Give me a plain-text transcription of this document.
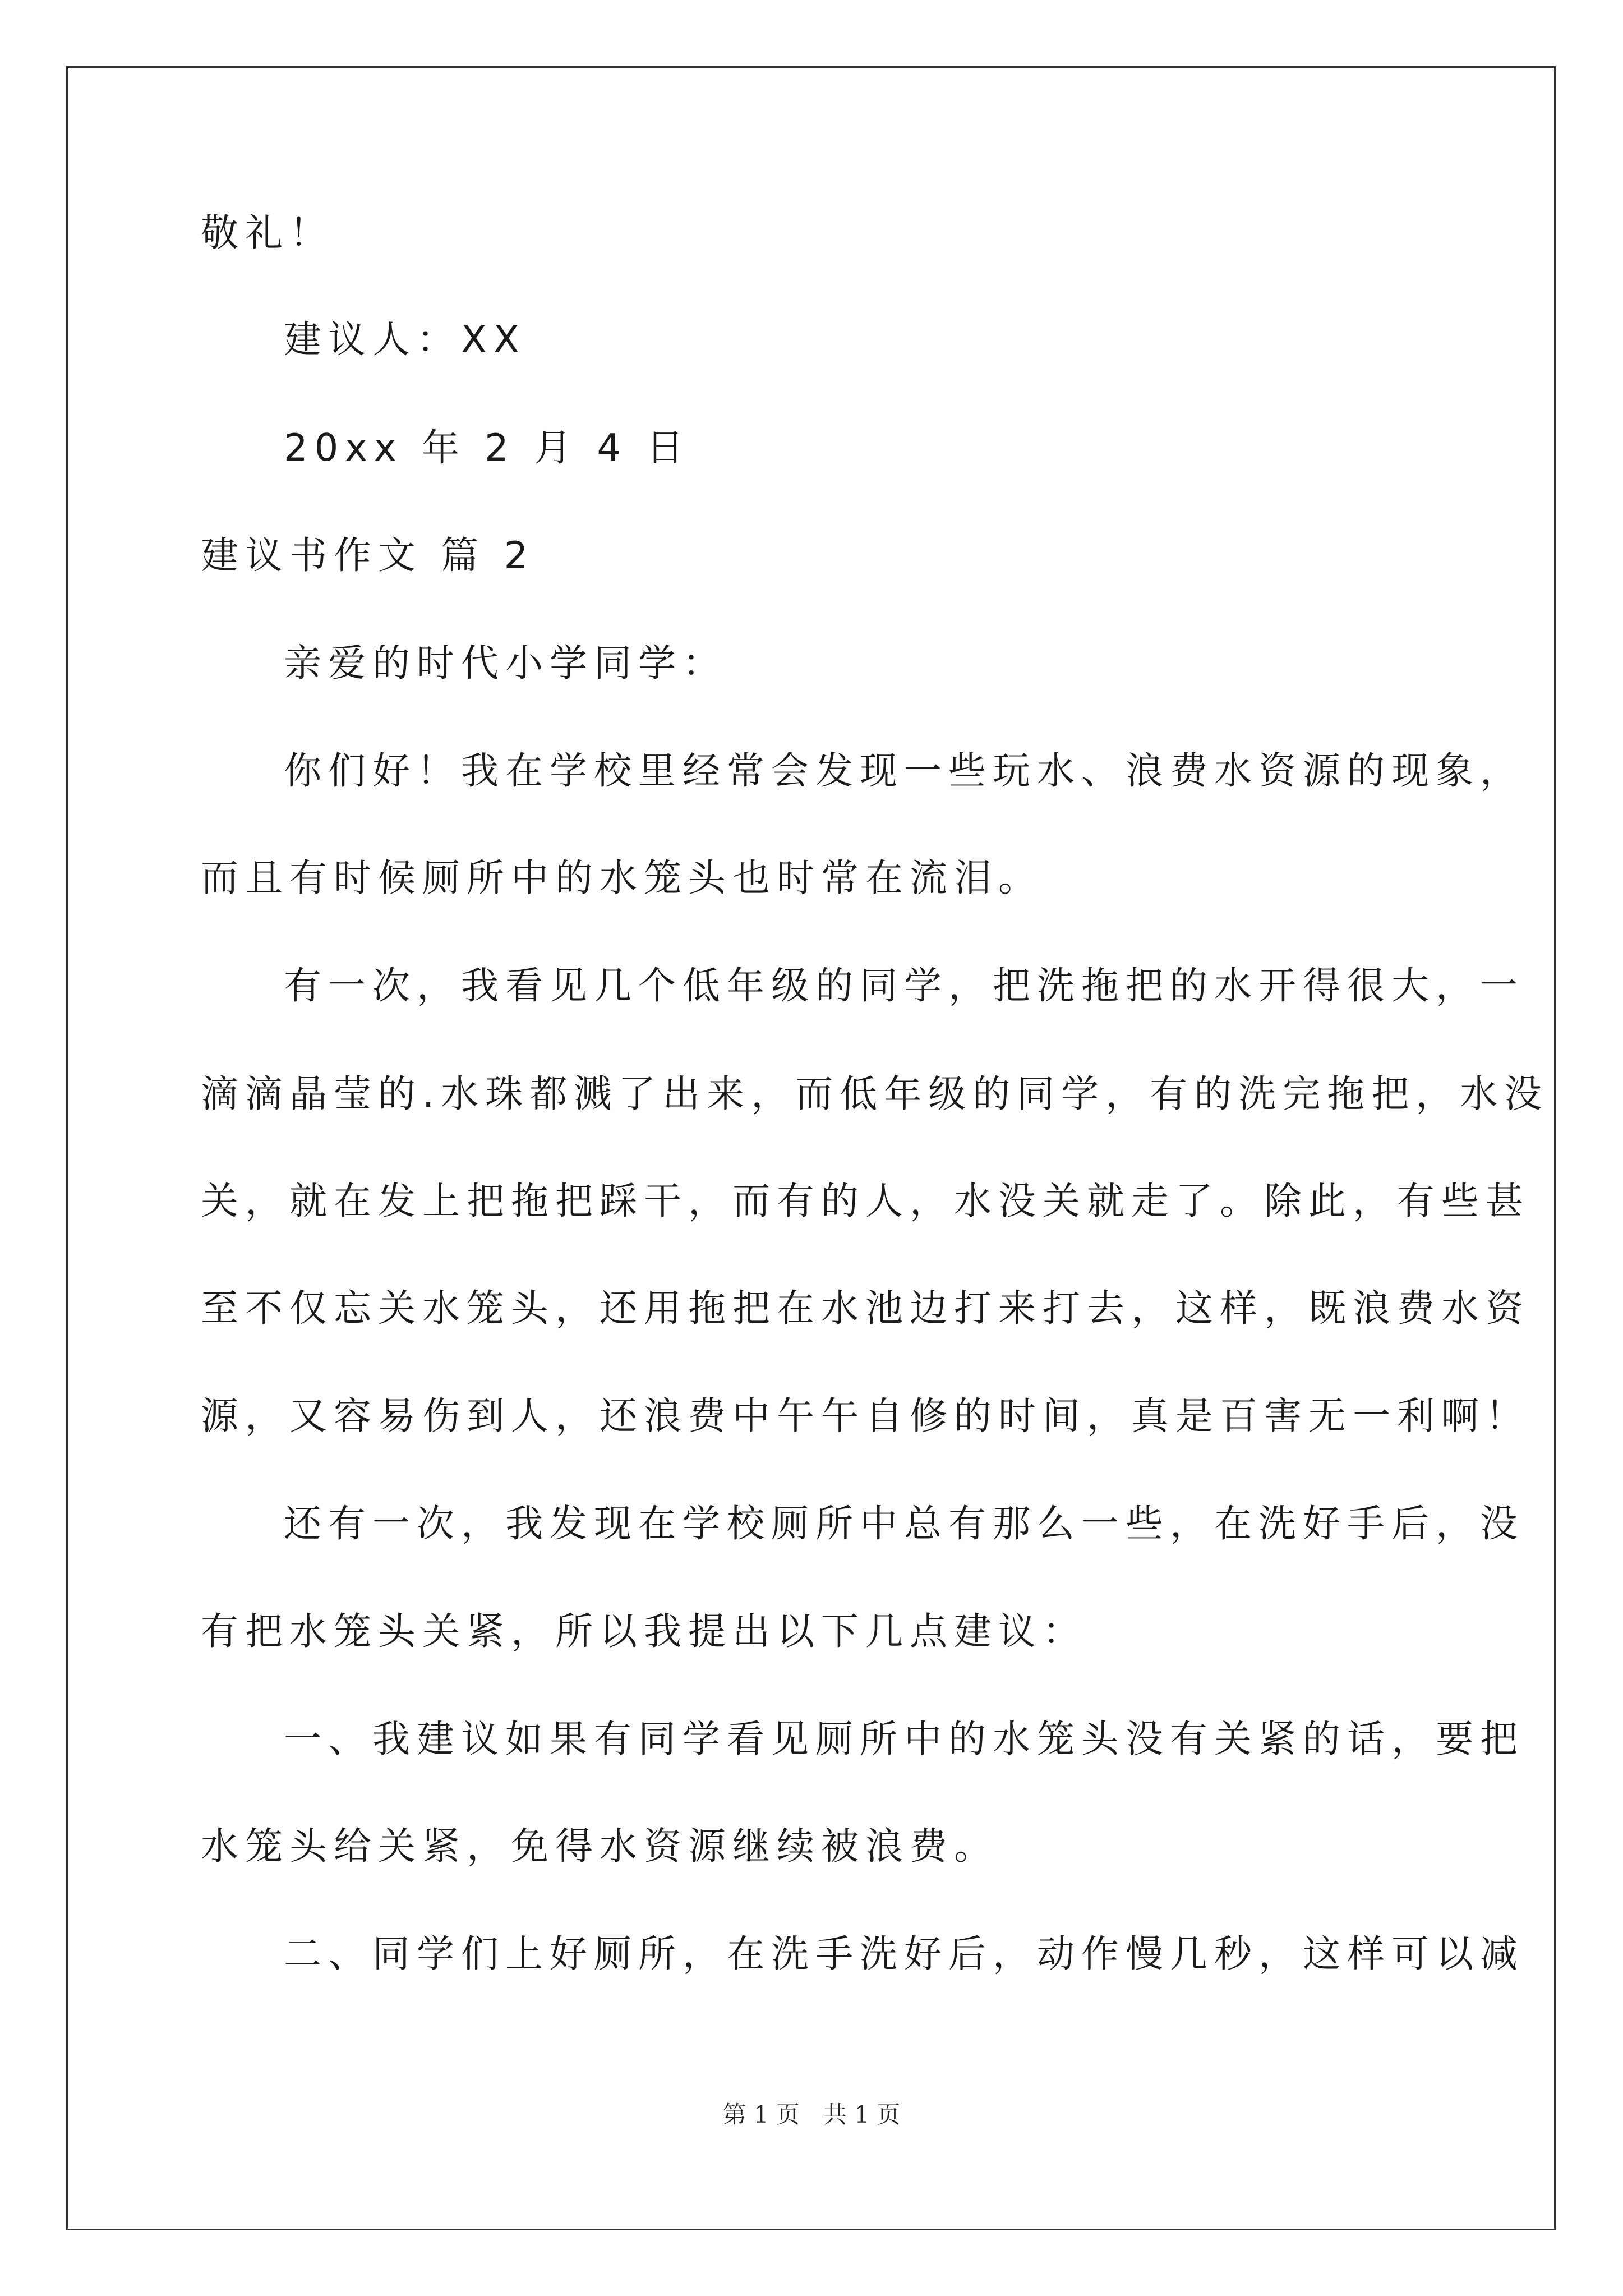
敬礼！
建议人：XX
20xx 年 2 月 4 日
建议书作文 篇 2
亲爱的时代小学同学：
你们好！我在学校里经常会发现一些玩水、浪费水资源的现象，
而且有时候厕所中的水笼头也时常在流泪。
有一次，我看见几个低年级的同学，把洗拖把的水开得很大，一
滴滴晶莹的.水珠都溅了出来，而低年级的同学，有的洗完拖把，水没
关，就在发上把拖把踩干，而有的人，水没关就走了。除此，有些甚
至不仅忘关水笼头，还用拖把在水池边打来打去，这样，既浪费水资
源，又容易伤到人，还浪费中午午自修的时间，真是百害无一利啊！
还有一次，我发现在学校厕所中总有那么一些，在洗好手后，没
有把水笼头关紧，所以我提出以下几点建议：
一、我建议如果有同学看见厕所中的水笼头没有关紧的话，要把
水笼头给关紧，免得水资源继续被浪费。
二、同学们上好厕所，在洗手洗好后，动作慢几秒，这样可以减
第 1 页　共 1 页
